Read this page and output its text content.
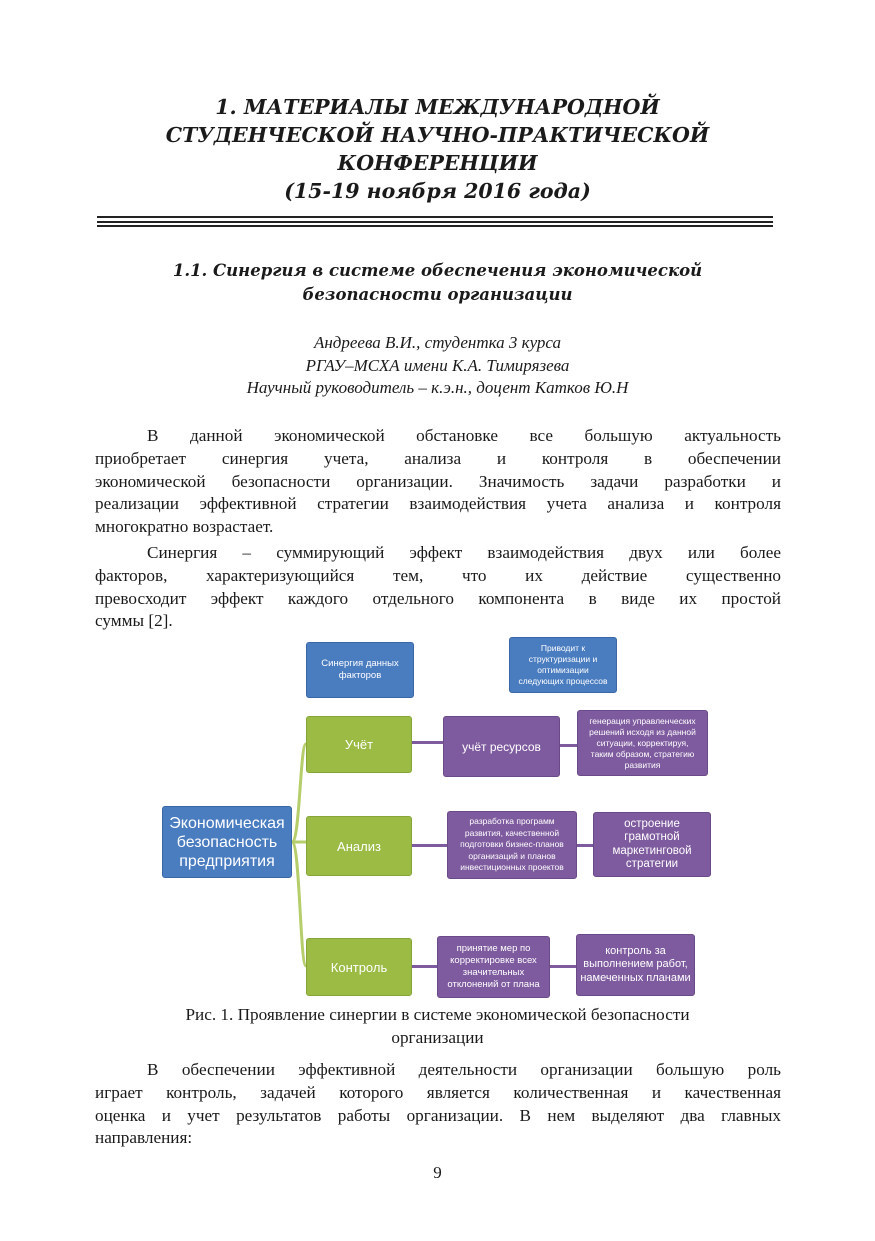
1. МАТЕРИАЛЫ МЕЖДУНАРОДНОЙ
СТУДЕНЧЕСКОЙ НАУЧНО-ПРАКТИЧЕСКОЙ
КОНФЕРЕНЦИИ
(15-19 ноября 2016 года)
1.1. Синергия в системе обеспечения экономической
безопасности организации
Андреева В.И., студентка 3 курса
РГАУ–МСХА имени К.А. Тимирязева
Научный руководитель – к.э.н., доцент Катков Ю.Н
В данной экономической обстановке все большую актуальность
приобретает синергия учета, анализа и контроля в обеспечении
экономической безопасности организации. Значимость задачи разработки и
реализации эффективной стратегии взаимодействия учета анализа и контроля
многократно возрастает.
Синергия – суммирующий эффект взаимодействия двух или более
факторов, характеризующийся тем, что их действие существенно
превосходит эффект каждого отдельного компонента в виде их простой
суммы [2].
Синергия данных
факторов
Приводит к
структуризации и
оптимизации
следующих процессов
Экономическая
безопасность
предприятия
Учёт
Анализ
Контроль
учёт ресурсов
генерация управленческих
решений исходя из данной
ситуации, корректируя,
таким образом, стратегию
развития
разработка программ
развития, качественной
подготовки бизнес-планов
организаций и планов
инвестиционных проектов
остроение
грамотной
маркетинговой
стратегии
принятие мер по
корректировке всех
значительных
отклонений от плана
контроль за
выполнением работ,
намеченных планами
Рис. 1. Проявление синергии в системе экономической безопасности
организации
В обеспечении эффективной деятельности организации большую роль
играет контроль, задачей которого является количественная и качественная
оценка и учет результатов работы организации. В нем выделяют два главных
направления:
9
